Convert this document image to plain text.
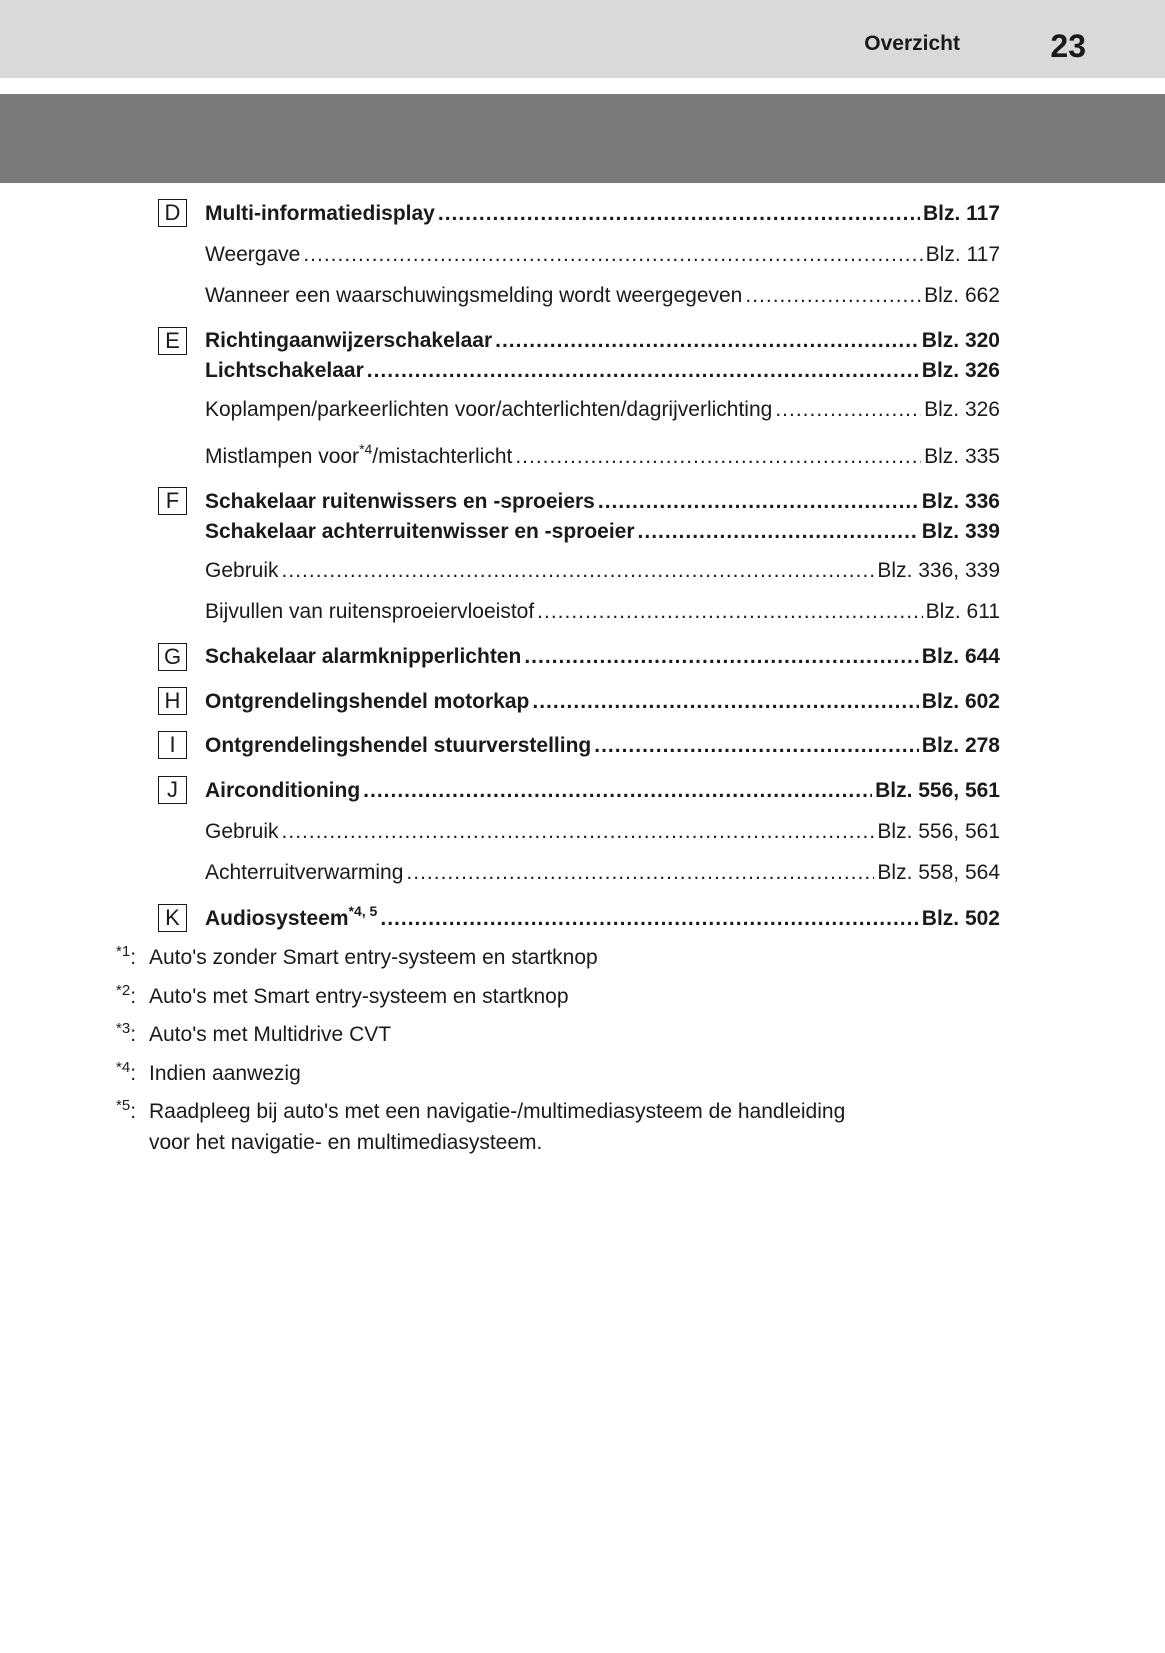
Overzicht	23
D	Multi-informatiedisplay .....	Blz. 117
Weergave .....	Blz. 117
Wanneer een waarschuwingsmelding wordt weergegeven .....	Blz. 662
E	Richtingaanwijzerschakelaar .....	Blz. 320
Lichtschakelaar .....	Blz. 326
Koplampen/parkeerlichten voor/achterlichten/dagrijverlichting .....	Blz. 326
Mistlampen voor$^{*4}$/mistachterlicht .....	Blz. 335
F	Schakelaar ruitenwissers en -sproeiers .....	Blz. 336
Schakelaar achterruitenwisser en -sproeier .....	Blz. 339
Gebruik .....	Blz. 336, 339
Bijvullen van ruitensproeiervloeistof .....	Blz. 611
G Schakelaar alarmknipperlichten .....	Blz. 644
H	Ontgrendelingshendel motorkap .....	Blz. 602
I	Ontgrendelingshendel stuurverstelling .....	Blz. 278
J	Airconditioning .....	Blz. 556, 561
Gebruik .....	Blz. 556, 561
Achterruitverwarming .....	Blz. 558, 564
K	Audiosysteem$^{*4, 5}$ .....	Blz. 502
$^{*1}$: Auto's zonder Smart entry-systeem en startknop
$^{*2}$: Auto's met Smart entry-systeem en startknop
$^{*3}$: Auto's met Multidrive CVT
$^{*4}$: Indien aanwezig
$^{*5}$: Raadpleeg bij auto's met een navigatie-/multimediasysteem de handleiding
voor het navigatie- en multimediasysteem.
